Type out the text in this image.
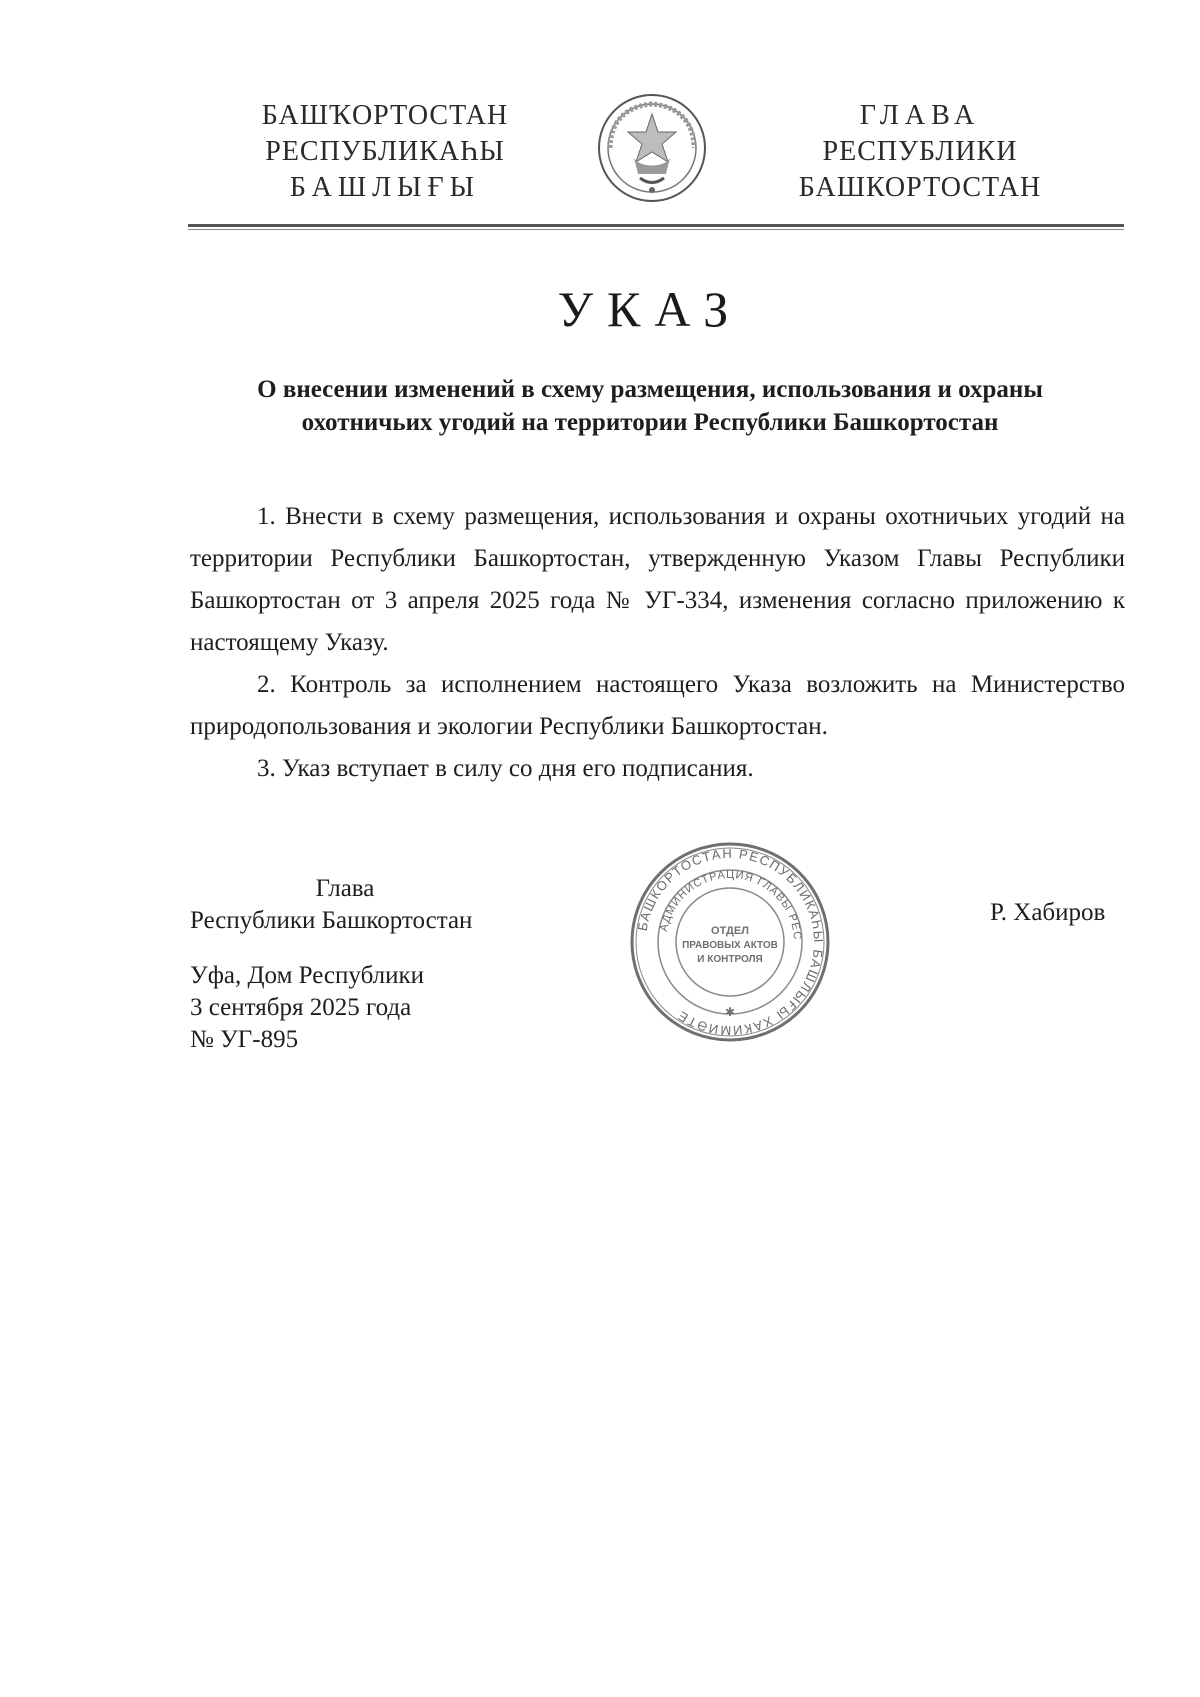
БАШҠОРТОСТАН
РЕСПУБЛИКАҺЫ
БАШЛЫҒЫ
ГЛАВА
РЕСПУБЛИКИ
БАШКОРТОСТАН
УКАЗ
О внесении изменений в схему размещения, использования и охраны
охотничьих угодий на территории Республики Башкортостан

1. Внести в схему размещения, использования и охраны охотничьих угодий на территории Республики Башкортостан, утвержденную Указом Главы Республики Башкортостан от 3 апреля 2025 года № УГ-334, изменения согласно приложению к настоящему Указу.

2. Контроль за исполнением настоящего Указа возложить на Министерство природопользования и экологии Республики Башкортостан.

3. Указ вступает в силу со дня его подписания.

Глава
Республики Башкортостан	БАШКОРТОСТАН РЕСПУБЛИКАҺЫ БАШЛЫҒЫ ХАКИМИӘТЕ
АДМИНИСТРАЦИЯ ГЛАВЫ РЕС
ОТДЕЛ
ПРАВОВЫХ АКТОВ
И КОНТРОЛЯ
✱
Р. Хабиров
Уфа, Дом Республики
3 сентября 2025 года
№ УГ-895
